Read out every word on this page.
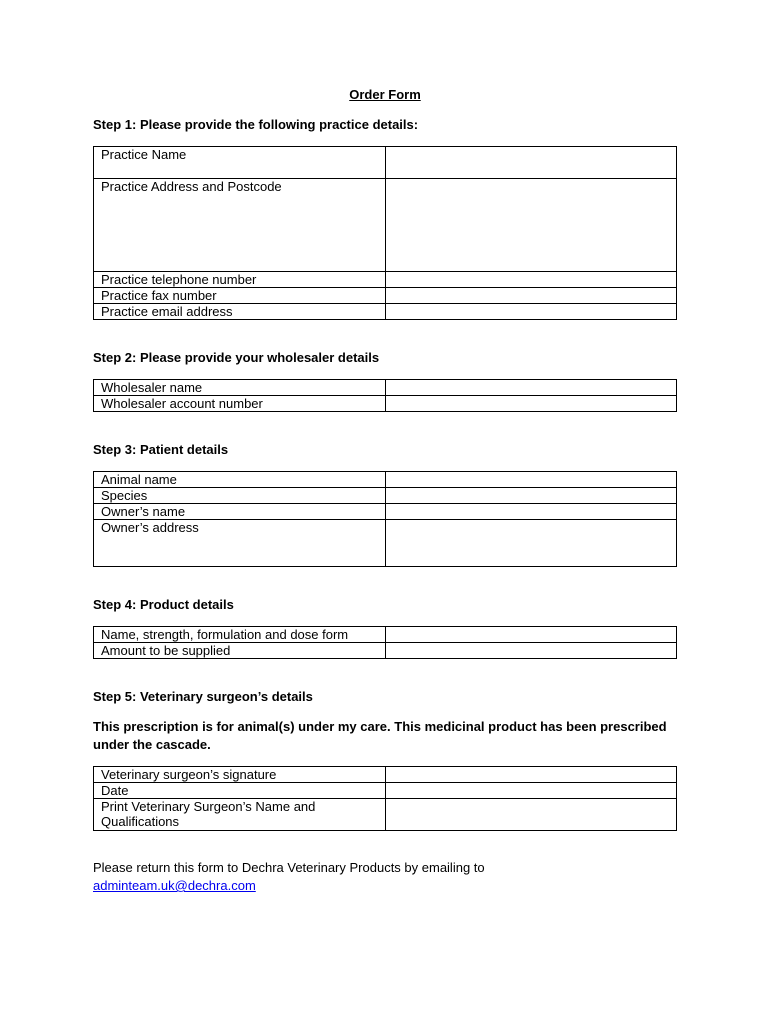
Order Form
Step 1: Please provide the following practice details:
Practice Name	
Practice Address and Postcode	
Practice telephone number	
Practice fax number	
Practice email address	
Step 2: Please provide your wholesaler details
Wholesaler name	
Wholesaler account number	
Step 3: Patient details
Animal name	
Species	
Owner’s name	
Owner’s address	
Step 4: Product details
Name, strength, formulation and dose form	
Amount to be supplied	
Step 5: Veterinary surgeon’s details
This prescription is for animal(s) under my care. This medicinal product has been prescribed under the cascade.
Veterinary surgeon’s signature	
Date	
Print Veterinary Surgeon’s Name and Qualifications	
Please return this form to Dechra Veterinary Products by emailing to
adminteam.uk@dechra.com
